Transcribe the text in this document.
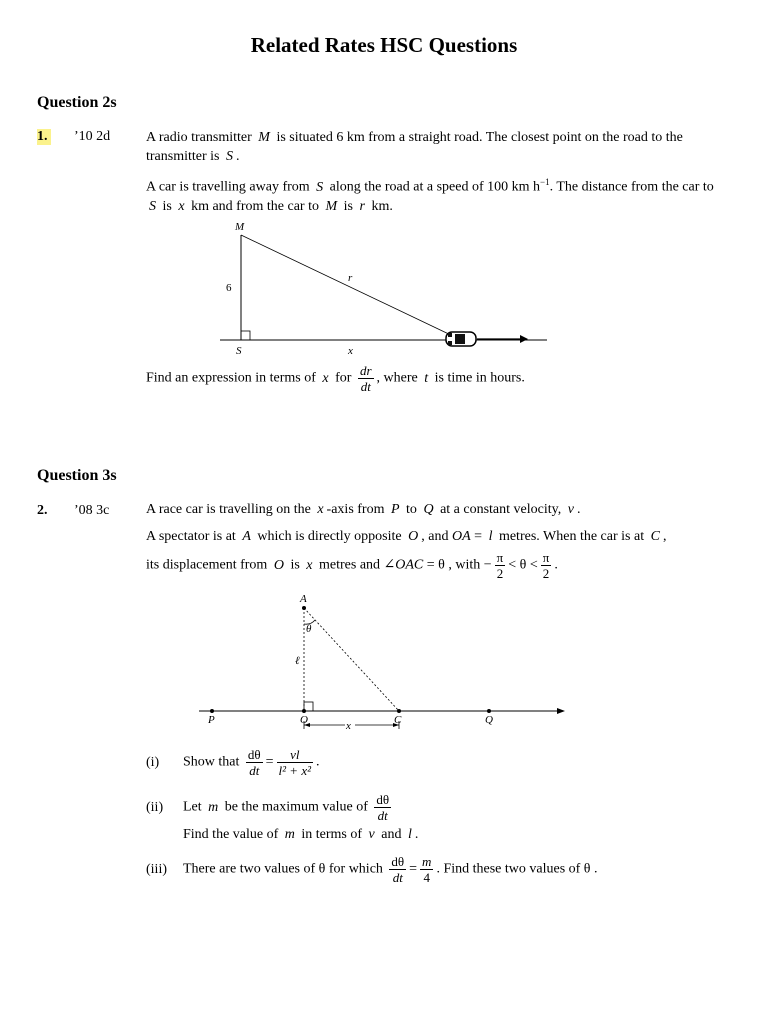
Related Rates HSC Questions
Question 2s
1. ’10 2d	A radio transmitter M is situated 6 km from a straight road. The closest point on the road to the transmitter is S .
A car is travelling away from S along the road at a speed of 100 km $h^{-1}$. The distance from the car to S is x km and from the car to M is r km.
M
6
r
S	x
Find an expression in terms of x for $\frac{dr}{dt}$ , where t is time in hours.
Question 3s
2. ’08 3c	A race car is travelling on the x -axis from P to Q at a constant velocity, v .
A spectator is at A which is directly opposite O , and OA = l metres. When the car is at C ,
its displacement from O is x metres and ∠OAC = θ , with − $\frac{\pi}{2} < \theta < \frac{\pi}{2}$ .
A
θ
ℓ
P	O	C	Q
x
(i) Show that $\frac{d\theta}{dt} = \frac{vl}{\text{l² + x²}}$ .
(ii) Let m be the maximum value of $\frac{d\theta}{dt}$
Find the value of m in terms of v and l .
(iii) There are two values of θ for which $\frac{d\theta}{dt} = \frac{m}{4}$ . Find these two values of θ .
